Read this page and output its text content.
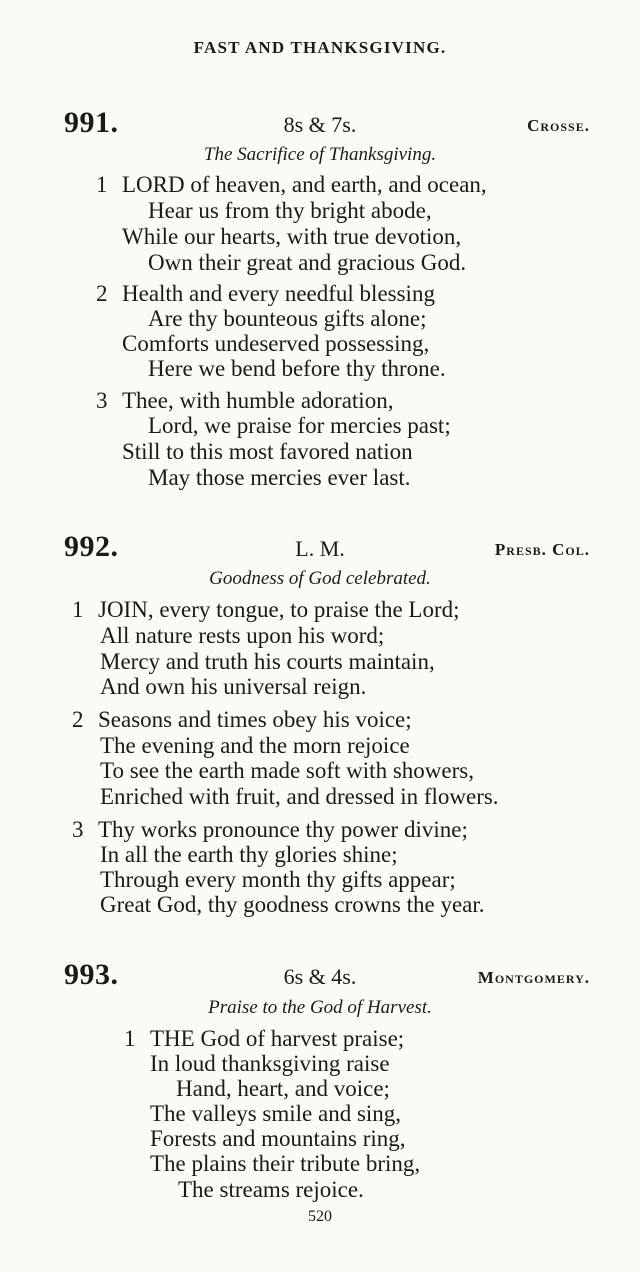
FAST AND THANKSGIVING.
991.	8s & 7s.	Crosse.
The Sacrifice of Thanksgiving.
1 LORD of heaven, and earth, and ocean,
Hear us from thy bright abode,
While our hearts, with true devotion,
Own their great and gracious God.
2 Health and every needful blessing
Are thy bounteous gifts alone;
Comforts undeserved possessing,
Here we bend before thy throne.
3 Thee, with humble adoration,
Lord, we praise for mercies past;
Still to this most favored nation
May those mercies ever last.
992.	L. M.	Presb. Col.
Goodness of God celebrated.
1 JOIN, every tongue, to praise the Lord;
All nature rests upon his word;
Mercy and truth his courts maintain,
And own his universal reign.
2 Seasons and times obey his voice;
The evening and the morn rejoice
To see the earth made soft with showers,
Enriched with fruit, and dressed in flowers.
3 Thy works pronounce thy power divine;
In all the earth thy glories shine;
Through every month thy gifts appear;
Great God, thy goodness crowns the year.
993.	6s & 4s.	Montgomery.
Praise to the God of Harvest.
1 THE God of harvest praise;
In loud thanksgiving raise
Hand, heart, and voice;
The valleys smile and sing,
Forests and mountains ring,
The plains their tribute bring,
The streams rejoice.
520
